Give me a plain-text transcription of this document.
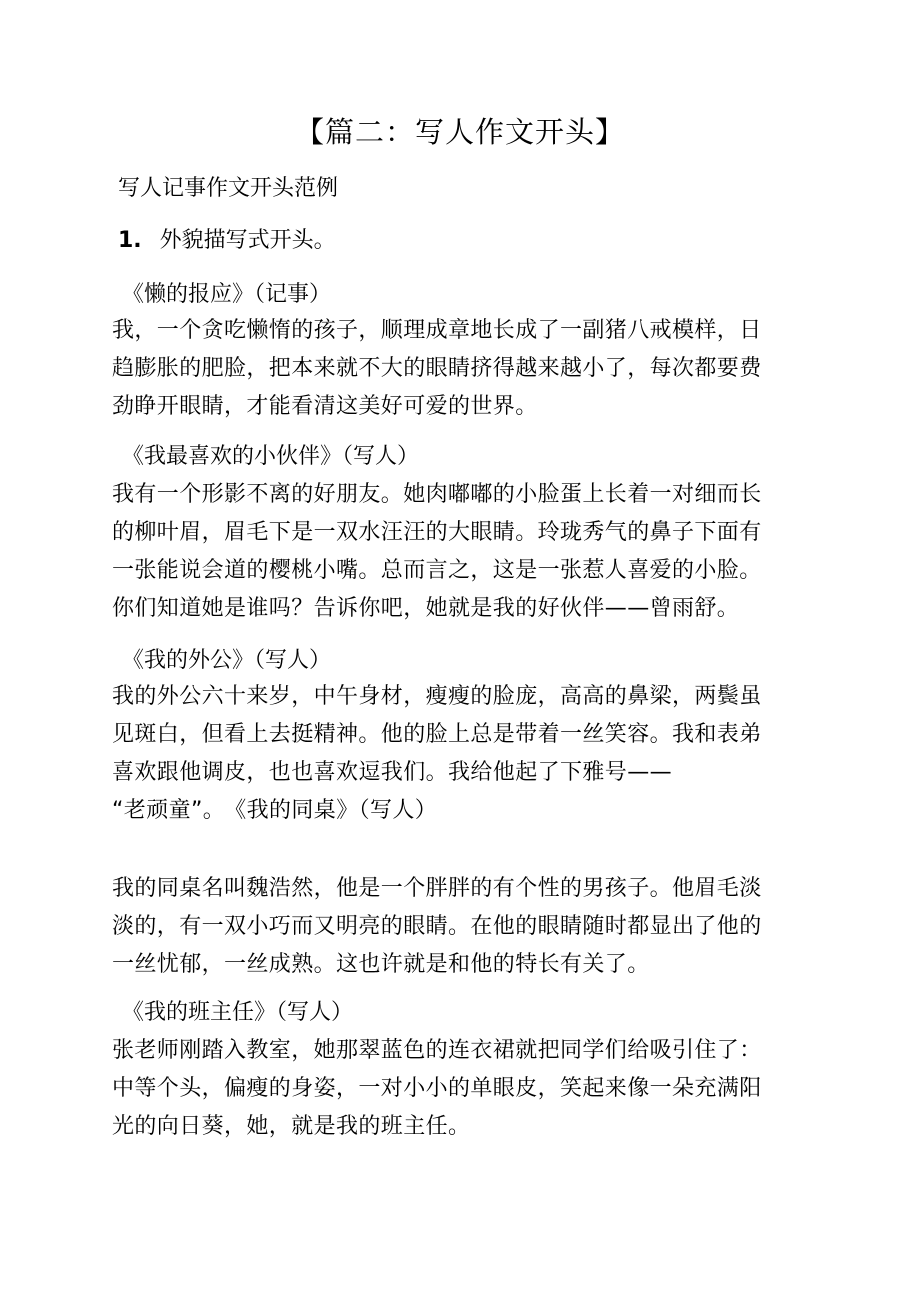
【篇二：写人作文开头】
写人记事作文开头范例
1. 外貌描写式开头。
《懒的报应》（记事）
我，一个贪吃懒惰的孩子，顺理成章地长成了一副猪八戒模样，日
趋膨胀的肥脸，把本来就不大的眼睛挤得越来越小了，每次都要费
劲睁开眼睛，才能看清这美好可爱的世界。
《我最喜欢的小伙伴》（写人）
我有一个形影不离的好朋友。她肉嘟嘟的小脸蛋上长着一对细而长
的柳叶眉，眉毛下是一双水汪汪的大眼睛。玲珑秀气的鼻子下面有
一张能说会道的樱桃小嘴。总而言之，这是一张惹人喜爱的小脸。
你们知道她是谁吗？告诉你吧，她就是我的好伙伴——曾雨舒。
《我的外公》（写人）
我的外公六十来岁，中午身材，瘦瘦的脸庞，高高的鼻梁，两鬓虽
见斑白，但看上去挺精神。他的脸上总是带着一丝笑容。我和表弟
喜欢跟他调皮，也也喜欢逗我们。我给他起了下雅号——
“老顽童”。 《我的同桌》（写人）
我的同桌名叫魏浩然，他是一个胖胖的有个性的男孩子。他眉毛淡
淡的，有一双小巧而又明亮的眼睛。在他的眼睛随时都显出了他的
一丝忧郁，一丝成熟。这也许就是和他的特长有关了。
《我的班主任》（写人）
张老师刚踏入教室，她那翠蓝色的连衣裙就把同学们给吸引住了：
中等个头，偏瘦的身姿，一对小小的单眼皮，笑起来像一朵充满阳
光的向日葵，她，就是我的班主任。
